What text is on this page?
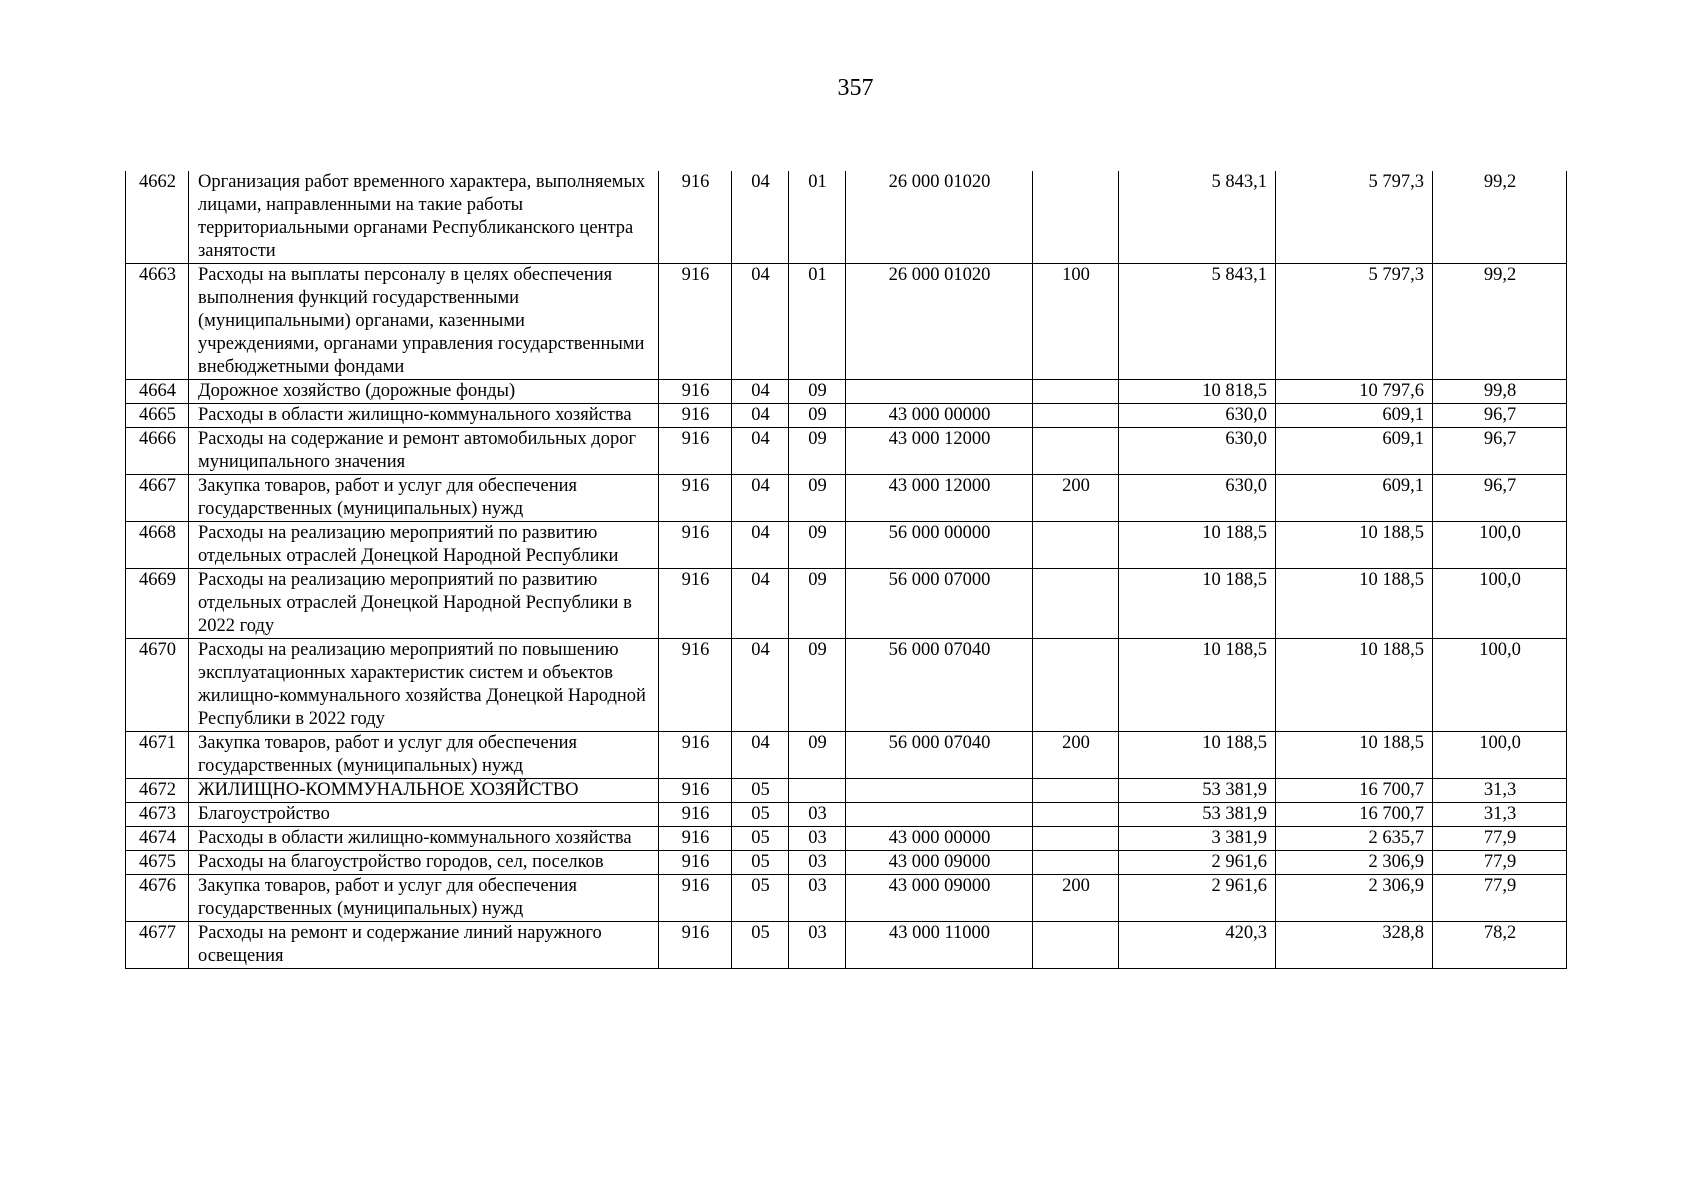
357
4662	Организация работ временного характера, выполняемых лицами, направленными на такие работы территориальными органами Республиканского центра занятости	916	04	01	26 000 01020		5 843,1	5 797,3	99,2
4663	Расходы на выплаты персоналу в целях обеспечения выполнения функций государственными (муниципальными) органами, казенными учреждениями, органами управления государственными внебюджетными фондами	916	04	01	26 000 01020	100	5 843,1	5 797,3	99,2
4664	Дорожное хозяйство (дорожные фонды)	916	04	09			10 818,5	10 797,6	99,8
4665	Расходы в области жилищно-коммунального хозяйства	916	04	09	43 000 00000		630,0	609,1	96,7
4666	Расходы на содержание и ремонт автомобильных дорог муниципального значения	916	04	09	43 000 12000		630,0	609,1	96,7
4667	Закупка товаров, работ и услуг для обеспечения государственных (муниципальных) нужд	916	04	09	43 000 12000	200	630,0	609,1	96,7
4668	Расходы на реализацию мероприятий по развитию отдельных отраслей Донецкой Народной Республики	916	04	09	56 000 00000		10 188,5	10 188,5	100,0
4669	Расходы на реализацию мероприятий по развитию отдельных отраслей Донецкой Народной Республики в 2022 году	916	04	09	56 000 07000		10 188,5	10 188,5	100,0
4670	Расходы на реализацию мероприятий по повышению эксплуатационных характеристик систем и объектов жилищно-коммунального хозяйства Донецкой Народной Республики в 2022 году	916	04	09	56 000 07040		10 188,5	10 188,5	100,0
4671	Закупка товаров, работ и услуг для обеспечения государственных (муниципальных) нужд	916	04	09	56 000 07040	200	10 188,5	10 188,5	100,0
4672	ЖИЛИЩНО-КОММУНАЛЬНОЕ ХОЗЯЙСТВО	916	05				53 381,9	16 700,7	31,3
4673	Благоустройство	916	05	03			53 381,9	16 700,7	31,3
4674	Расходы в области жилищно-коммунального хозяйства	916	05	03	43 000 00000		3 381,9	2 635,7	77,9
4675	Расходы на благоустройство городов, сел, поселков	916	05	03	43 000 09000		2 961,6	2 306,9	77,9
4676	Закупка товаров, работ и услуг для обеспечения государственных (муниципальных) нужд	916	05	03	43 000 09000	200	2 961,6	2 306,9	77,9
4677	Расходы на ремонт и содержание линий наружного освещения	916	05	03	43 000 11000		420,3	328,8	78,2
